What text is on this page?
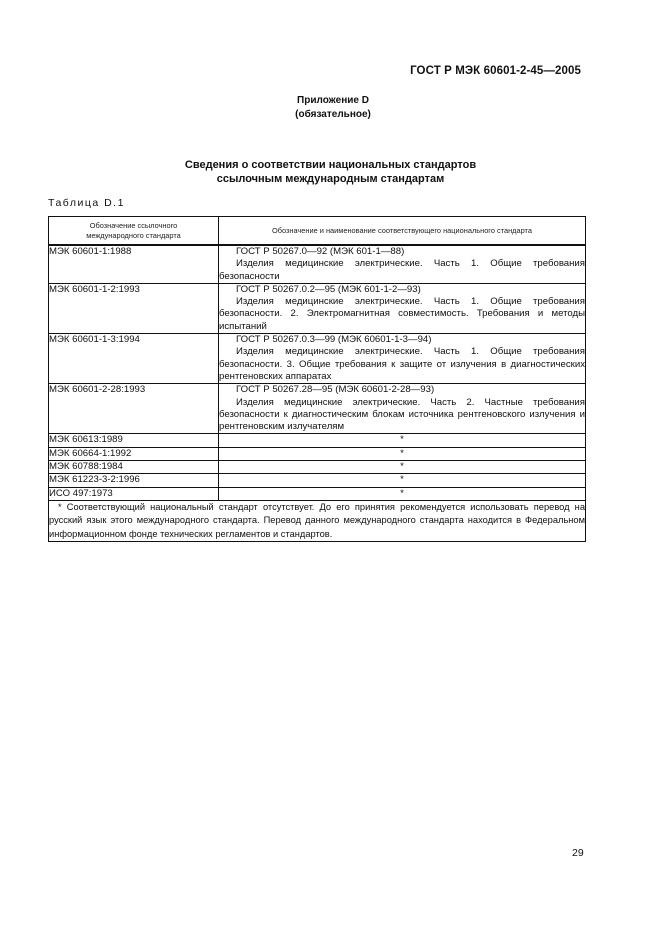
ГОСТ Р МЭК 60601-2-45—2005
Приложение D
(обязательное)
Сведения о соответствии национальных стандартов
ссылочным международным стандартам
Таблица D.1
Обозначение ссылочного
международного стандарта	Обозначение и наименование соответствующего национального стандарта
МЭК 60601-1:1988	ГОСТ Р 50267.0—92 (МЭК 601-1—88)
Изделия медицинские электрические. Часть 1. Общие требования безопасности

МЭК 60601-1-2:1993	ГОСТ Р 50267.0.2—95 (МЭК 601-1-2—93)
Изделия медицинские электрические. Часть 1. Общие требования безопасности. 2. Электромагнитная совместимость. Требования и методы испытаний

МЭК 60601-1-3:1994	ГОСТ Р 50267.0.3—99 (МЭК 60601-1-3—94)
Изделия медицинские электрические. Часть 1. Общие требования безопасности. 3. Общие требования к защите от излучения в диагностических рентгеновских аппаратах

МЭК 60601-2-28:1993	ГОСТ Р 50267.28—95 (МЭК 60601-2-28—93)
Изделия медицинские электрические. Часть 2. Частные требования безопасности к диагностическим блокам источника рентгеновского излучения и рентгеновским излучателям

МЭК 60613:1989	*
МЭК 60664-1:1992	*
МЭК 60788:1984	*
МЭК 61223-3-2:1996	*
ИСО 497:1973	*
* Соответствующий национальный стандарт отсутствует. До его принятия рекомендуется использовать перевод на русский язык этого международного стандарта. Перевод данного международного стандарта находится в Федеральном информационном фонде технических регламентов и стандартов.	
29
